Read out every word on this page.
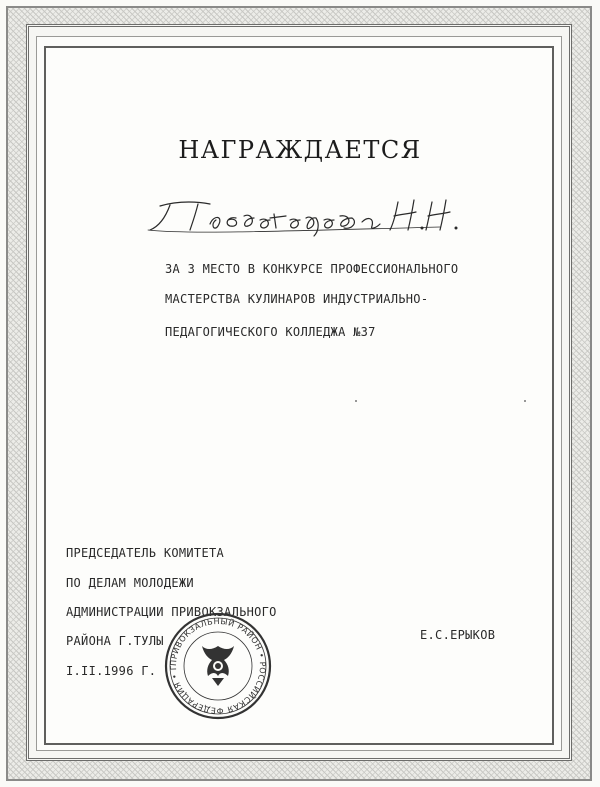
НАГРАЖДАЕТСЯ
ЗА 3 МЕСТО В КОНКУРСЕ ПРОФЕССИОНАЛЬНОГО
МАСТЕРСТВА КУЛИНАРОВ ИНДУСТРИАЛЬНО-
ПЕДАГОГИЧЕСКОГО КОЛЛЕДЖА №37
ПРЕДСЕДАТЕЛЬ КОМИТЕТА
ПО ДЕЛАМ МОЛОДЕЖИ
АДМИНИСТРАЦИИ ПРИВОКЗАЛЬНОГО
РАЙОНА Г.ТУЛЫ
I.II.1996 Г.
Е.С.ЕРЫКОВ
ПРИВОКЗАЛЬНЫЙ РАЙОН • РОССИЙСКАЯ ФЕДЕРАЦИЯ • Г
